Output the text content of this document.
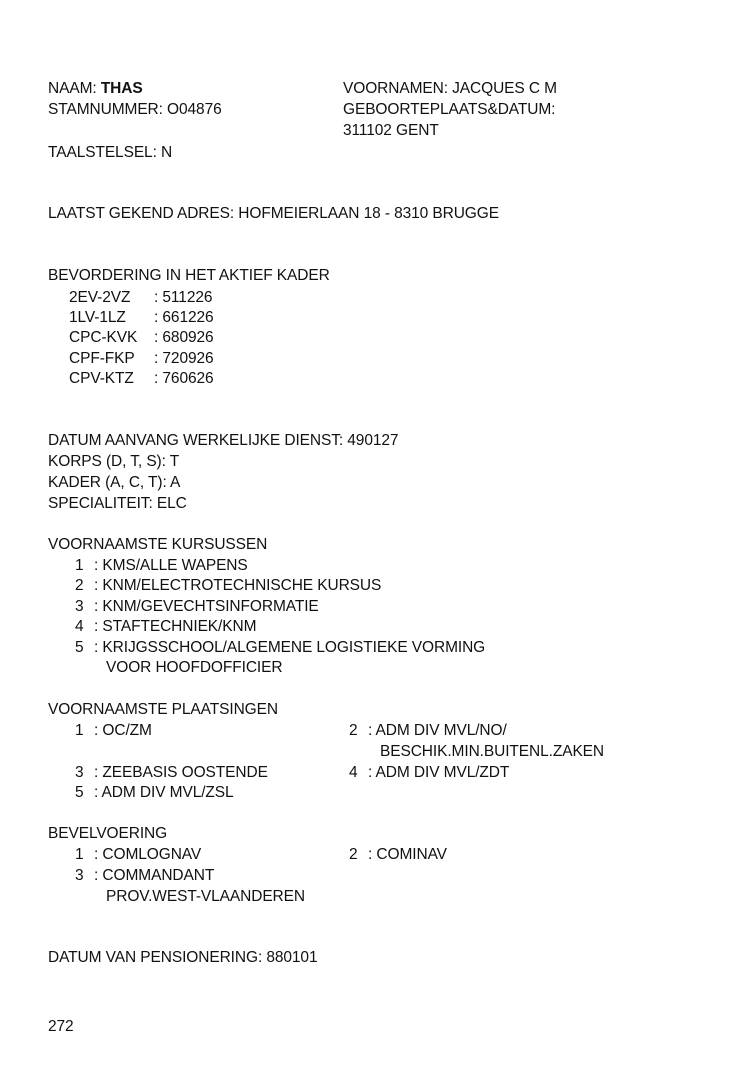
NAAM: THAS
STAMNUMMER: O04876
VOORNAMEN: JACQUES C M
GEBOORTEPLAATS&DATUM:
311102 GENT
TAALSTELSEL: N
LAATST GEKEND ADRES: HOFMEIERLAAN 18 - 8310 BRUGGE
BEVORDERING IN HET AKTIEF KADER
2EV-2VZ : 511226
1LV-1LZ : 661226
CPC-KVK : 680926
CPF-FKP : 720926
CPV-KTZ : 760626
DATUM AANVANG WERKELIJKE DIENST: 490127
KORPS (D, T, S): T
KADER (A, C, T): A
SPECIALITEIT: ELC
VOORNAAMSTE KURSUSSEN
1 : KMS/ALLE WAPENS
2 : KNM/ELECTROTECHNISCHE KURSUS
3 : KNM/GEVECHTSINFORMATIE
4 : STAFTECHNIEK/KNM
5 : KRIJGSSCHOOL/ALGEMENE LOGISTIEKE VORMING
VOOR HOOFDOFFICIER
VOORNAAMSTE PLAATSINGEN
1 : OC/ZM	2 : ADM DIV MVL/NO/
BESCHIK.MIN.BUITENL.ZAKEN
3 : ZEEBASIS OOSTENDE	4 : ADM DIV MVL/ZDT
5 : ADM DIV MVL/ZSL
BEVELVOERING
1 : COMLOGNAV	2 : COMINAV
3 : COMMANDANT
PROV.WEST-VLAANDEREN
DATUM VAN PENSIONERING: 880101
272
